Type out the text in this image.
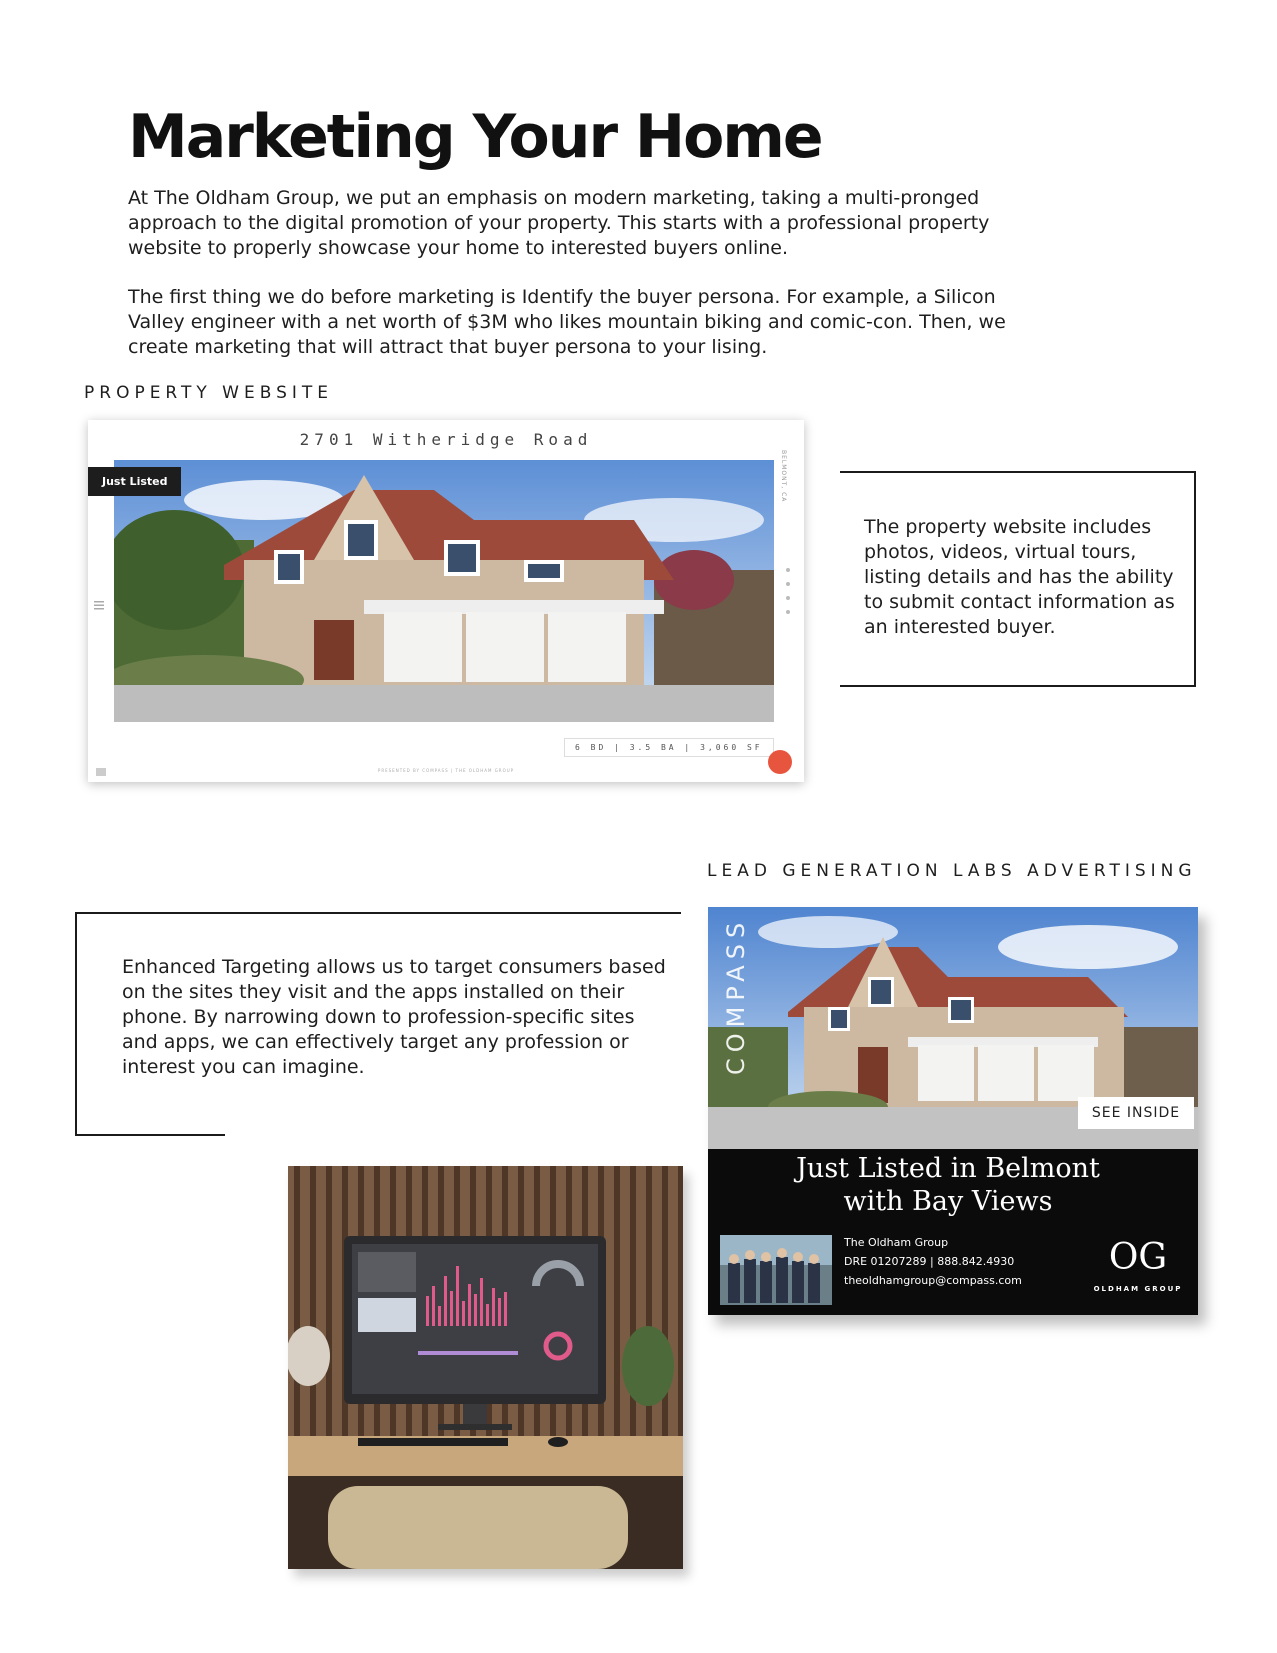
Marketing Your Home

At The Oldham Group, we put an emphasis on modern marketing, taking a multi-pronged approach to the digital promotion of your property. This starts with a professional property website to properly showcase your home to interested buyers online.

The first thing we do before marketing is Identify the buyer persona. For example, a Silicon Valley engineer with a net worth of $3M who likes mountain biking and comic-con. Then, we create marketing that will attract that buyer persona to your lising.

PROPERTY WEBSITE
2701 Witheridge Road
Just Listed	BELMONT, CA
6 BD | 3.5 BA | 3,060 SF
PRESENTED BY COMPASS | THE OLDHAM GROUP

The property website includes photos, videos, virtual tours, listing details and has the ability to submit contact information as an interested buyer.

LEAD GENERATION LABS ADVERTISING

Enhanced Targeting allows us to target consumers based on the sites they visit and the apps installed on their phone. By narrowing down to profession-specific sites and apps, we can effectively target any profession or interest you can imagine.	COMPASS
SEE INSIDE

Just Listed in Belmont
with Bay Views

The Oldham Group
DRE 01207289 | 888.842.4930
theoldhamgroup@compass.com
OG
OLDHAM GROUP
